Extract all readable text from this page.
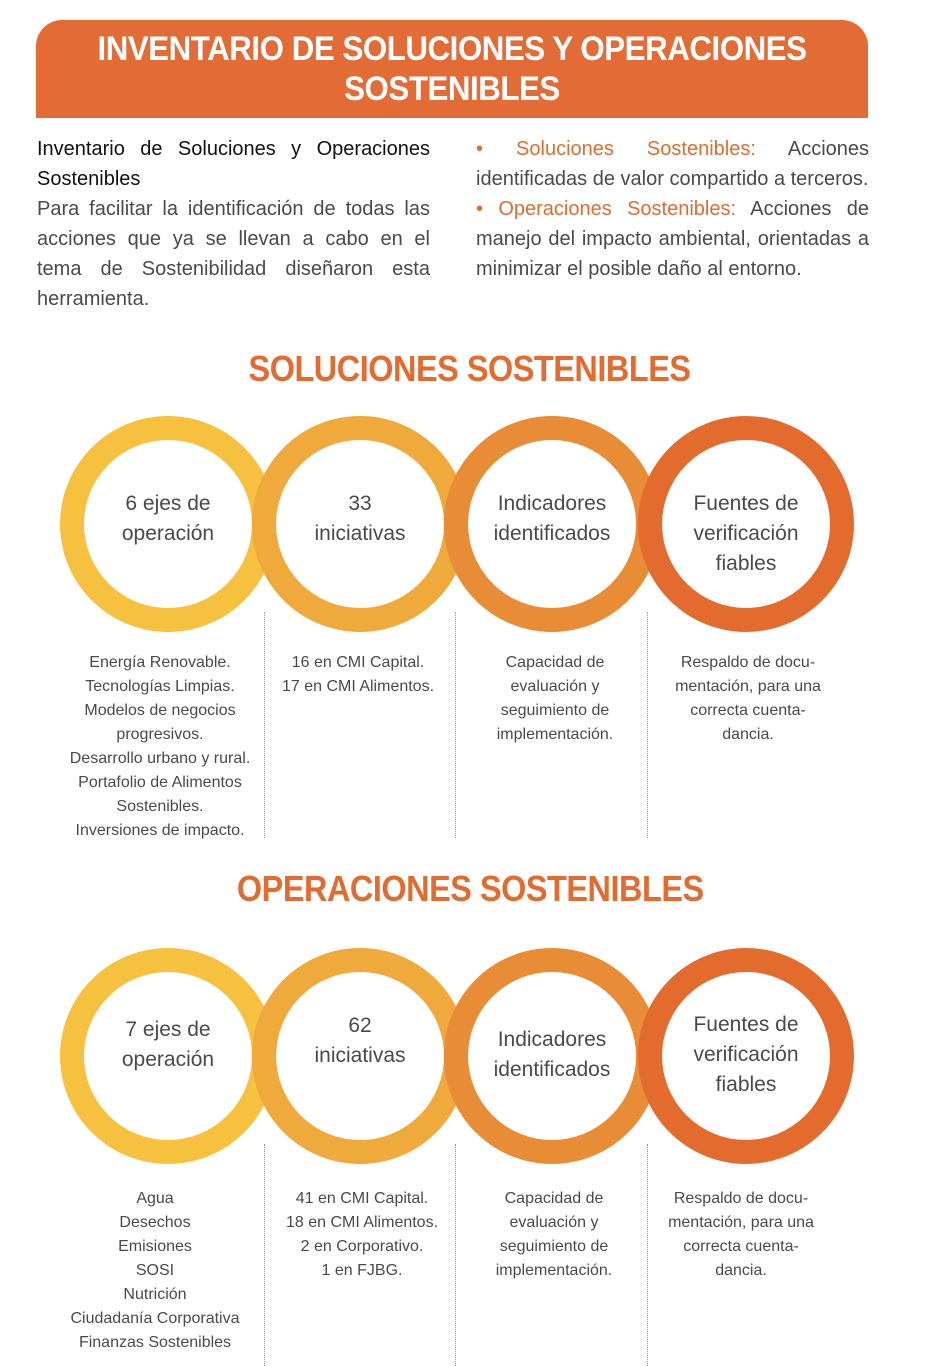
INVENTARIO DE SOLUCIONES Y OPERACIONES
SOSTENIBLES
Inventario de Soluciones y Operaciones Sostenibles
Para facilitar la identificación de todas las acciones que ya se llevan a cabo en el tema de Sostenibilidad diseñaron esta herramienta.

• Soluciones Sostenibles: Acciones identificadas de valor compartido a terceros.

• Operaciones Sostenibles: Acciones de manejo del impacto ambiental, orientadas a minimizar el posible daño al entorno.

SOLUCIONES SOSTENIBLES
6 ejes de
operación
33
iniciativas
Indicadores
identificados
Fuentes de
verificación
fiables
Energía Renovable.
Tecnologías Limpias.
Modelos de negocios
progresivos.
Desarrollo urbano y rural.
Portafolio de Alimentos
Sostenibles.
Inversiones de impacto.
16 en CMI Capital.
17 en CMI Alimentos.
Capacidad de
evaluación y
seguimiento de
implementación.
Respaldo de docu-
mentación, para una
correcta cuenta-
dancia.
OPERACIONES SOSTENIBLES
7 ejes de
operación
62
iniciativas
Indicadores
identificados
Fuentes de
verificación
fiables
Agua
Desechos
Emisiones
SOSI
Nutrición
Ciudadanía Corporativa
Finanzas Sostenibles
41 en CMI Capital.
18 en CMI Alimentos.
2 en Corporativo.
1 en FJBG.
Capacidad de
evaluación y
seguimiento de
implementación.
Respaldo de docu-
mentación, para una
correcta cuenta-
dancia.
